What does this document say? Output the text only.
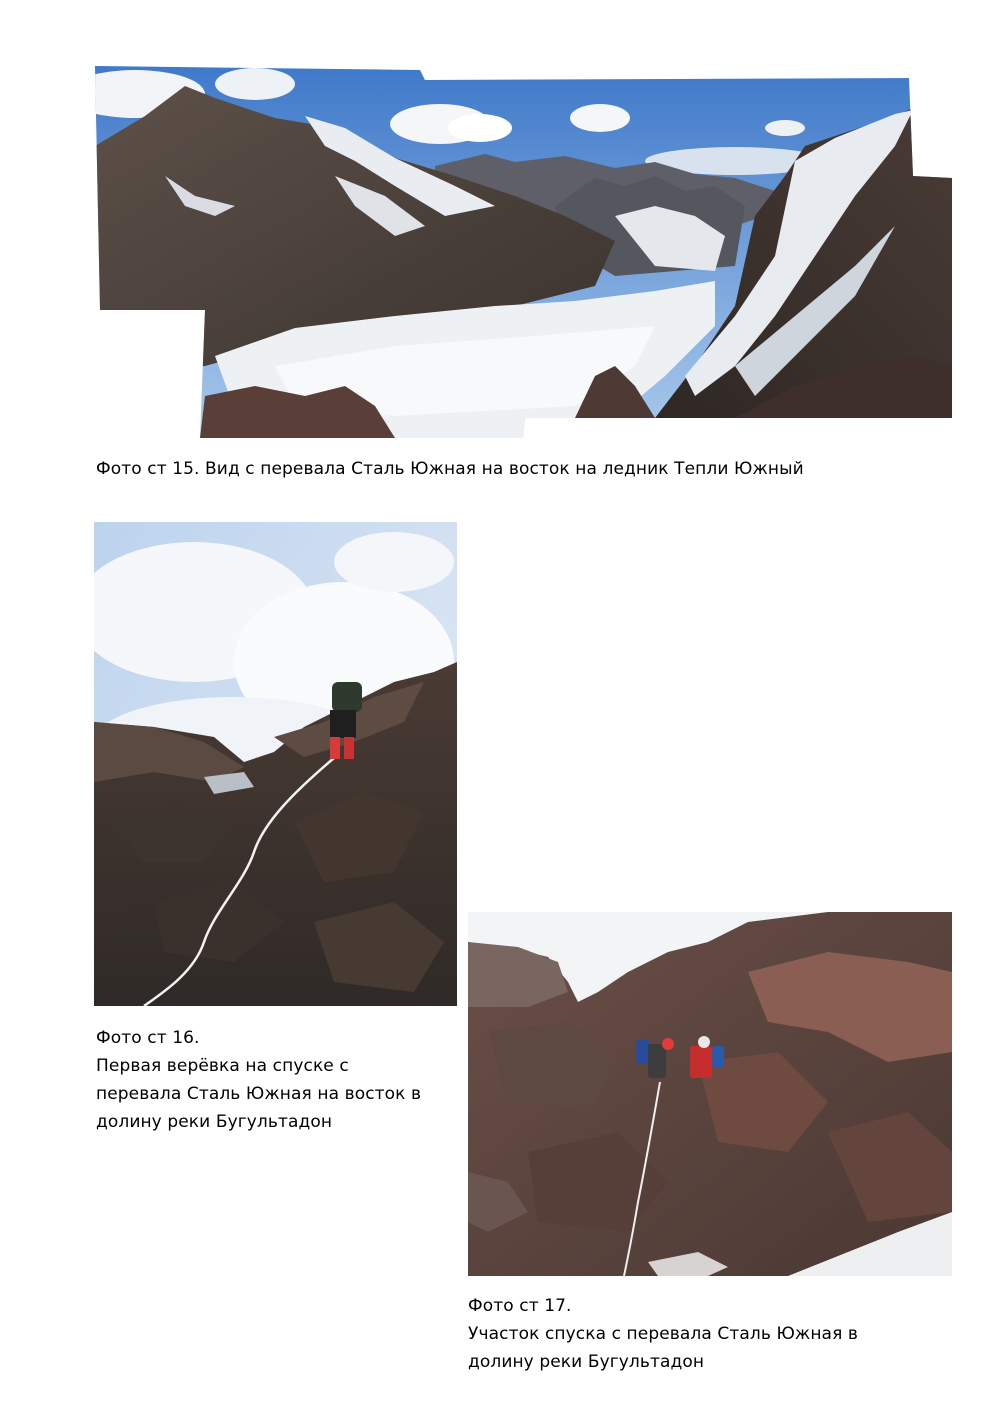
Фото ст 15. Вид с перевала Сталь Южная на восток на ледник Тепли Южный
Фото ст 16.
Первая верёвка на спуске с
перевала Сталь Южная на восток в
долину реки Бугультадон
Фото ст 17.
Участок спуска с перевала Сталь Южная в
долину реки Бугультадон
